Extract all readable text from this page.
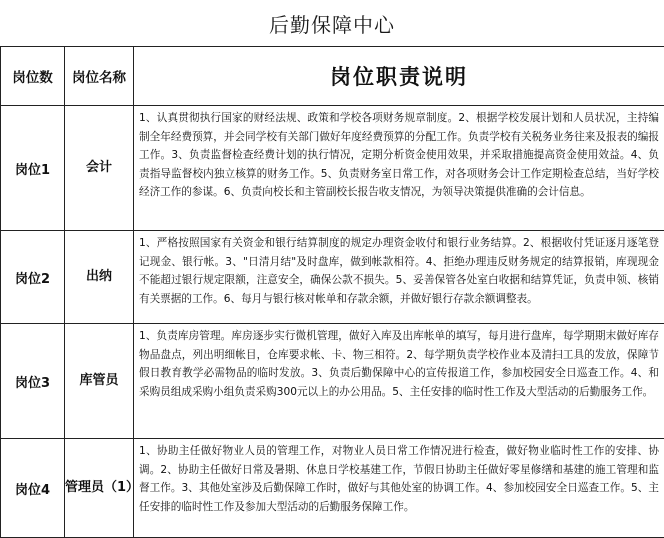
后勤保障中心
岗位数	岗位名称	岗位职责说明
岗位1	会计	1、认真贯彻执行国家的财经法规、政策和学校各项财务规章制度。2、根据学校发展计划和人员状况，主持编制全年经费预算，并会同学校有关部门做好年度经费预算的分配工作。负责学校有关税务业务往来及报表的编报工作。3、负责监督检查经费计划的执行情况，定期分析资金使用效果，并采取措施提高资金使用效益。4、负责指导监督校内独立核算的财务工作。5、负责财务室日常工作，对各项财务会计工作定期检查总结，当好学校经济工作的参谋。6、负责向校长和主管副校长报告收支情况，为领导决策提供准确的会计信息。
岗位2	出纳	1、严格按照国家有关资金和银行结算制度的规定办理资金收付和银行业务结算。2、根据收付凭证逐月逐笔登记现金、银行帐。3、"日清月结"及时盘库，做到帐款相符。4、拒绝办理违反财务规定的结算报销，库现现金不能超过银行规定限额，注意安全，确保公款不损失。5、妥善保管各处室白收据和结算凭证，负责申领、核销有关票据的工作。6、每月与银行核对帐单和存款余额，并做好银行存款余额调整表。
岗位3	库管员	1、负责库房管理。库房逐步实行微机管理，做好入库及出库帐单的填写，每月进行盘库，每学期期末做好库存物品盘点，列出明细帐目，仓库要求帐、卡、物三相符。2、每学期负责学校作业本及清扫工具的发放，保障节假日教育教学必需物品的临时发放。3、负责后勤保障中心的宣传报道工作，参加校园安全日巡查工作。4、和采购员组成采购小组负责采购300元以上的办公用品。5、主任安排的临时性工作及大型活动的后勤服务工作。
岗位4	管理员（1）	1、协助主任做好物业人员的管理工作，对物业人员日常工作情况进行检查，做好物业临时性工作的安排、协调。2、协助主任做好日常及暑期、休息日学校基建工作，节假日协助主任做好零星修缮和基建的施工管理和监督工作。3、其他处室涉及后勤保障工作时，做好与其他处室的协调工作。4、参加校园安全日巡查工作。5、主任安排的临时性工作及参加大型活动的后勤服务保障工作。
